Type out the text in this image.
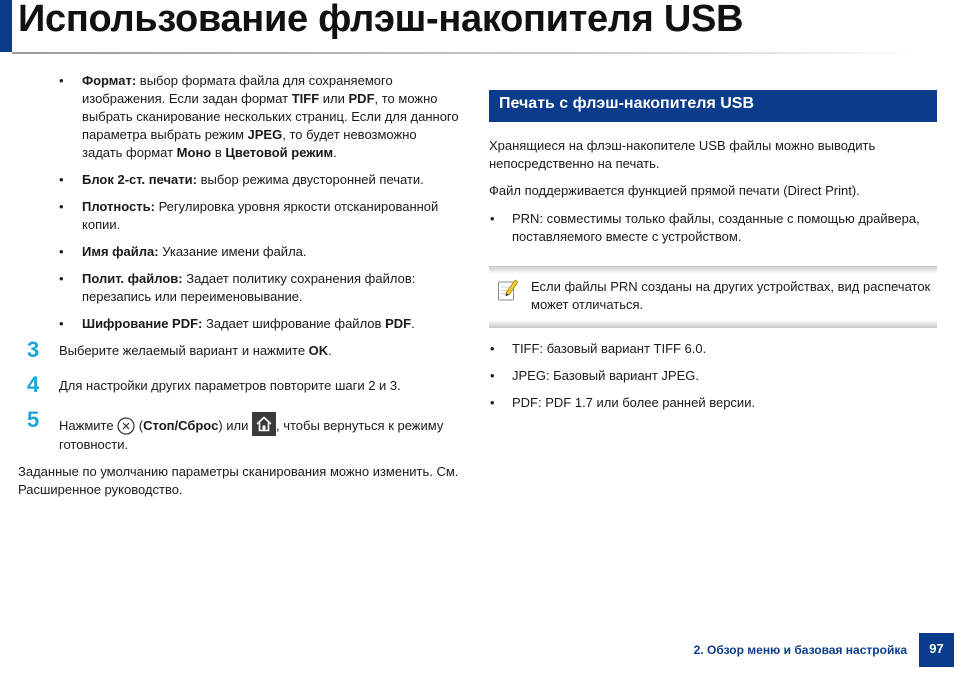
Использование флэш-накопителя USB
• Формат: выбор формата файла для сохраняемого изображения. Если задан формат TIFF или PDF, то можно выбрать сканирование нескольких страниц. Если для данного параметра выбрать режим JPEG, то будет невозможно задать формат Моно в Цветовой режим.
• Блок 2-ст. печати: выбор режима двусторонней печати.
• Плотность: Регулировка уровня яркости отсканированной копии.
• Имя файла: Указание имени файла.
• Полит. файлов: Задает политику сохранения файлов: перезапись или переименовывание.
• Шифрование PDF: Задает шифрование файлов PDF.
3 Выберите желаемый вариант и нажмите OK.
4 Для настройки других параметров повторите шаги 2 и 3.
5 Нажмите  (Стоп/Сброс) или , чтобы вернуться к режиму готовности.

Заданные по умолчанию параметры сканирования можно изменить. См. Расширенное руководство.

Печать с флэш-накопителя USB

Хранящиеся на флэш-накопителе USB файлы можно выводить непосредственно на печать.

Файл поддерживается функцией прямой печати (Direct Print).

• PRN: совместимы только файлы, созданные с помощью драйвера, поставляемого вместе с устройством.
Если файлы PRN созданы на других устройствах, вид распечаток может отличаться.
• TIFF: базовый вариант TIFF 6.0.
• JPEG: Базовый вариант JPEG.
• PDF: PDF 1.7 или более ранней версии.
2. Обзор меню и базовая настройка	97
